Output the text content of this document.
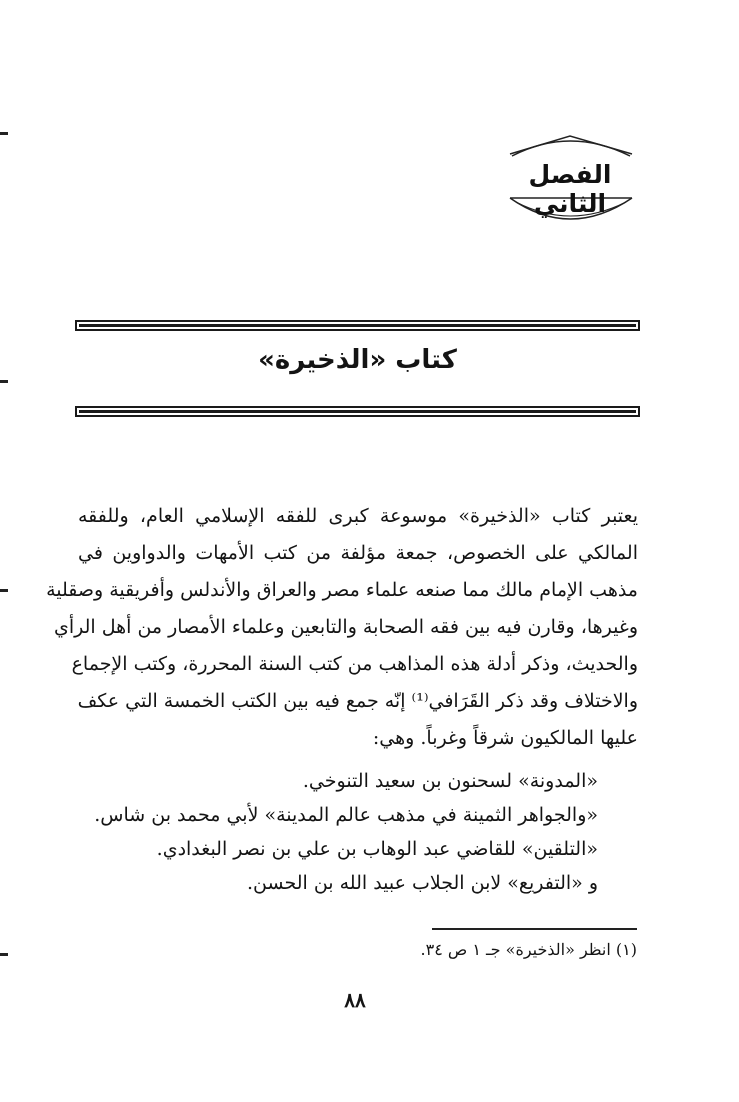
الفصل الثاني
كتاب «الذخيرة»
يعتبر كتاب «الذخيرة» موسوعة كبرى للفقه الإسلامي العام، وللفقه
المالكي على الخصوص، جمعة مؤلفة من كتب الأمهات والدواوين في
مذهب الإمام مالك مما صنعه علماء مصر والعراق والأندلس وأفريقية وصقلية
وغيرها، وقارن فيه بين فقه الصحابة والتابعين وعلماء الأمصار من أهل الرأي
والحديث، وذكر أدلة هذه المذاهب من كتب السنة المحررة، وكتب الإجماع
والاختلاف وقد ذكر القَرَافي⁽¹⁾ إنّه جمع فيه بين الكتب الخمسة التي عكف
عليها المالكيون شرقاً وغرباً. وهي:
«المدونة» لسحنون بن سعيد التنوخي.
«والجواهر الثمينة في مذهب عالم المدينة» لأبي محمد بن شاس.
«التلقين» للقاضي عبد الوهاب بن علي بن نصر البغدادي.
و «التفريع» لابن الجلاب عبيد الله بن الحسن.
(١) انظر «الذخيرة» جـ ١ ص ٣٤.
٨٨
